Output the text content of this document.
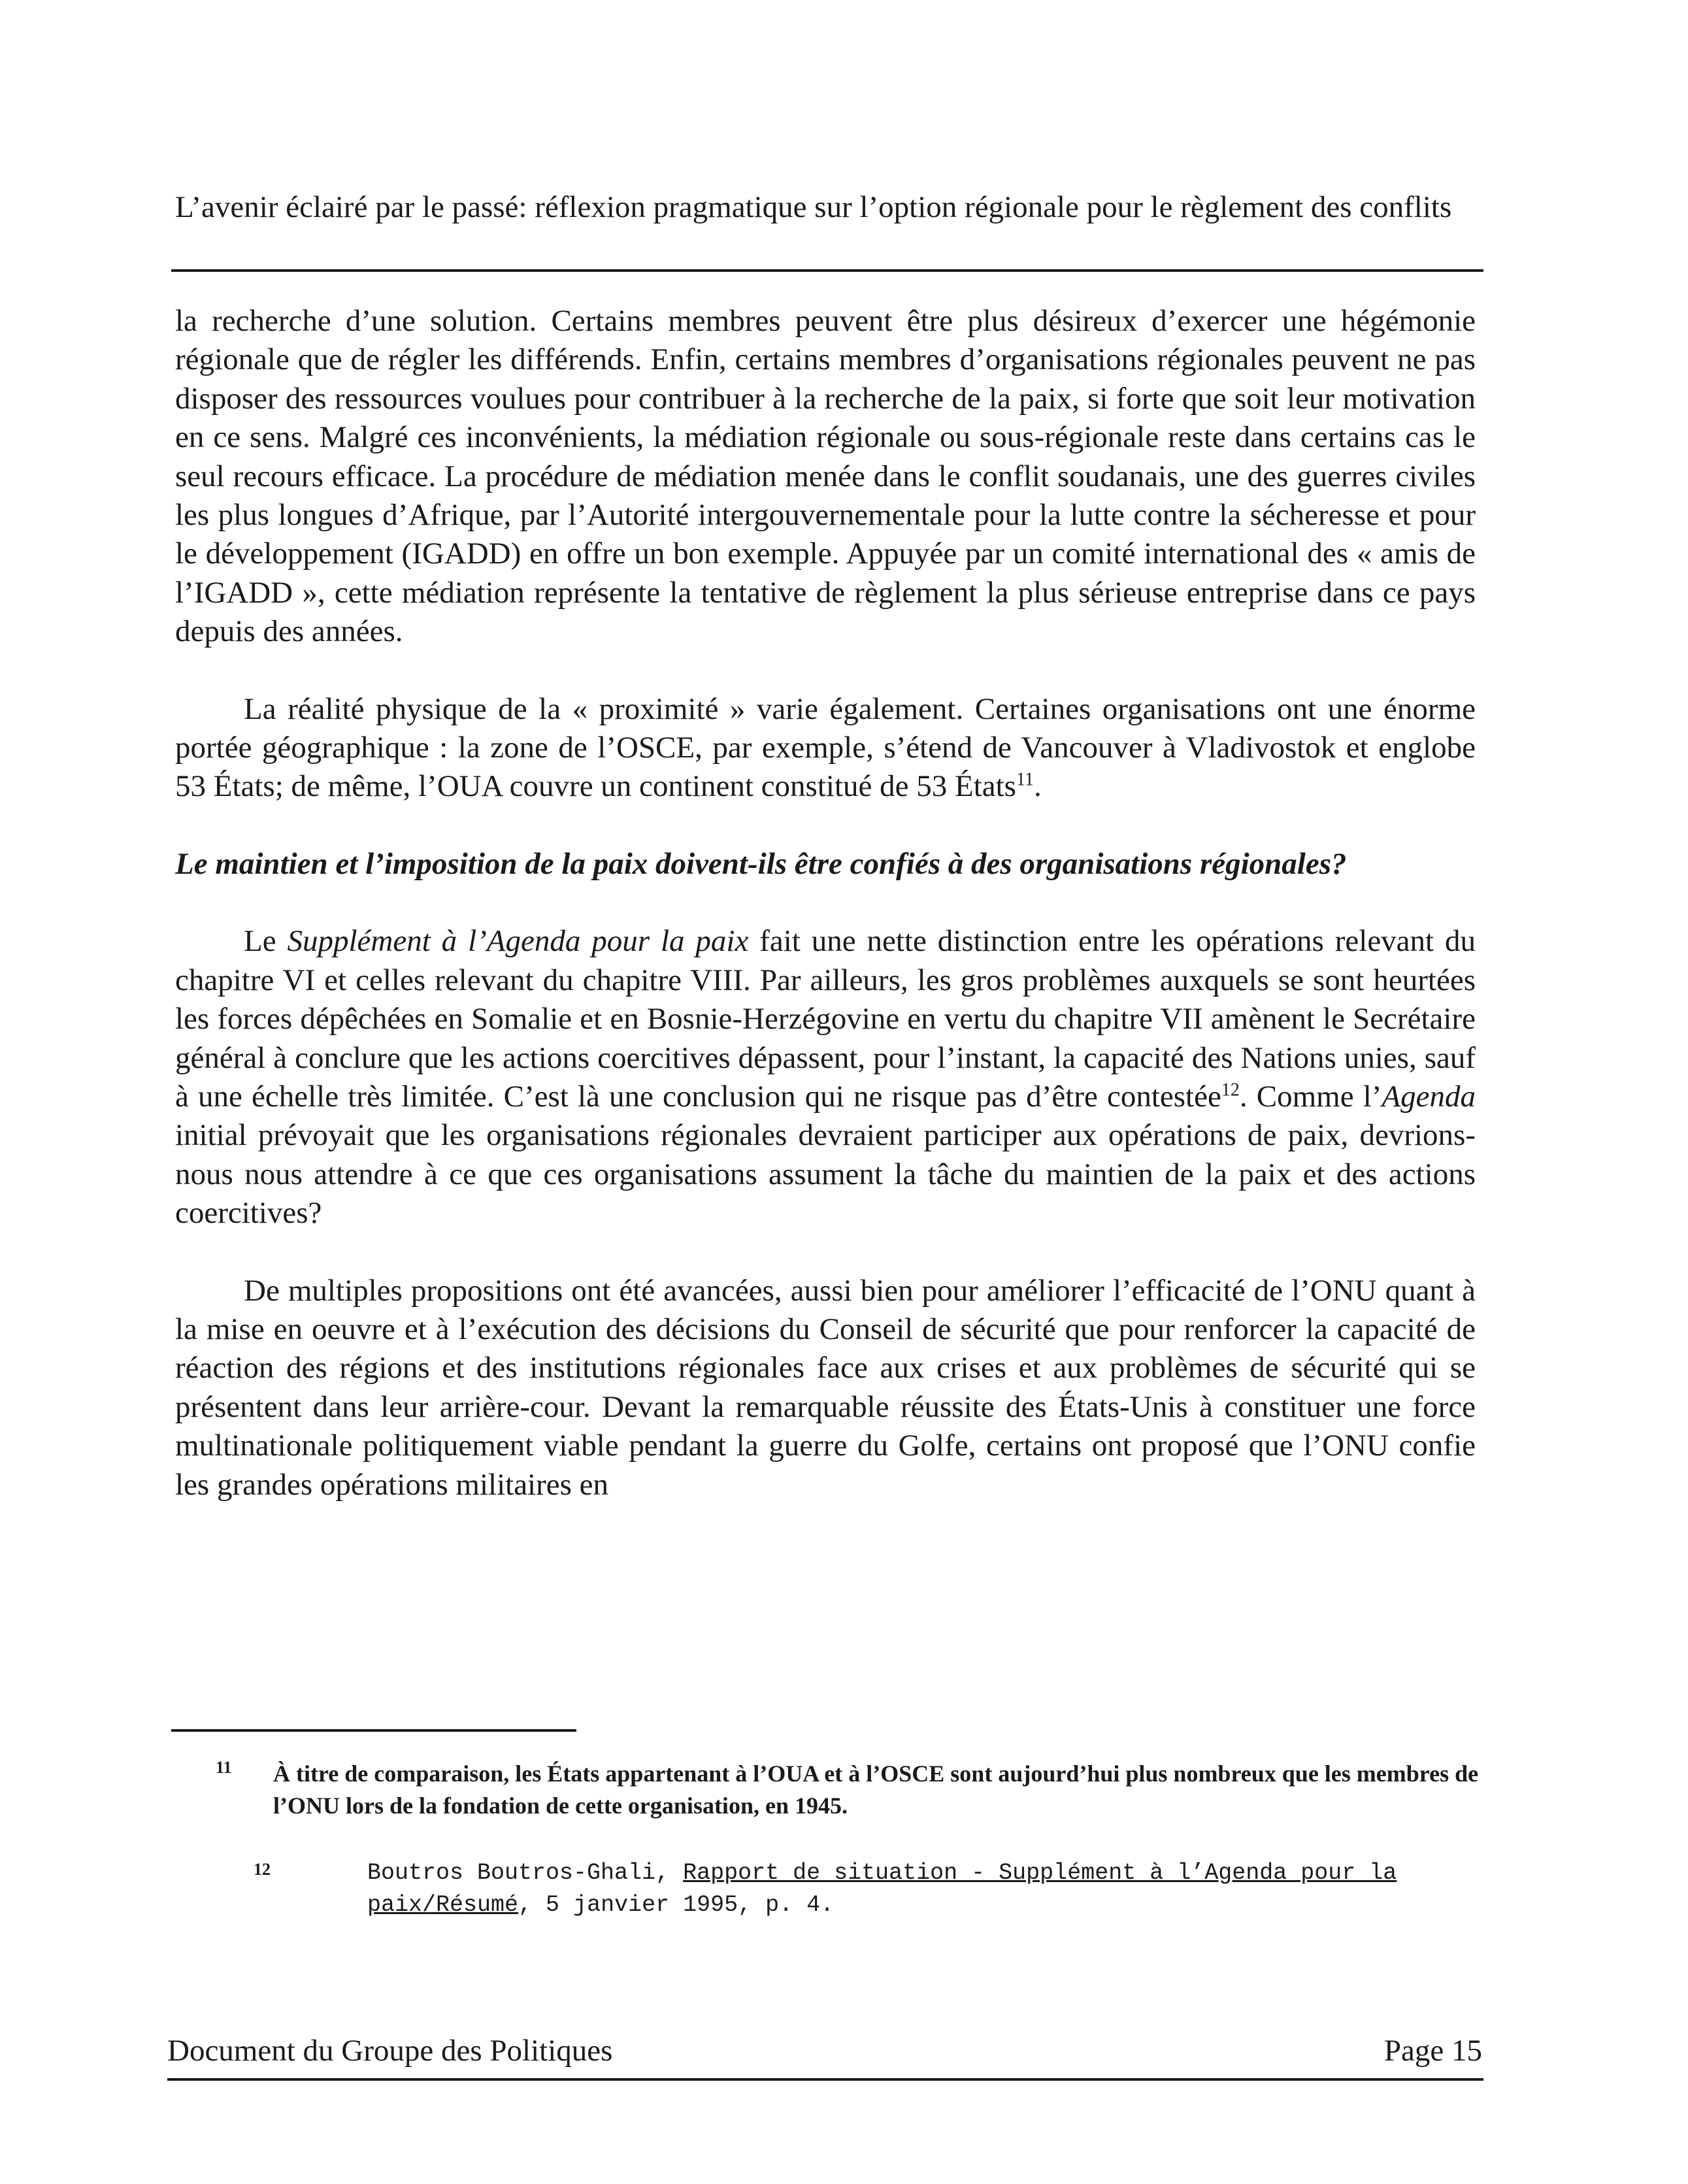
L’avenir éclairé par le passé: réflexion pragmatique sur l’option régionale pour le règlement des conflits

la recherche d’une solution. Certains membres peuvent être plus désireux d’exercer une hégémonie régionale que de régler les différends. Enfin, certains membres d’organisations régionales peuvent ne pas disposer des ressources voulues pour contribuer à la recherche de la paix, si forte que soit leur motivation en ce sens. Malgré ces inconvénients, la médiation régionale ou sous-régionale reste dans certains cas le seul recours efficace. La procédure de médiation menée dans le conflit soudanais, une des guerres civiles les plus longues d’Afrique, par l’Autorité intergouvernementale pour la lutte contre la sécheresse et pour le développement (IGADD) en offre un bon exemple. Appuyée par un comité international des « amis de l’IGADD », cette médiation représente la tentative de règlement la plus sérieuse entreprise dans ce pays depuis des années.

La réalité physique de la « proximité » varie également. Certaines organisations ont une énorme portée géographique : la zone de l’OSCE, par exemple, s’étend de Vancouver à Vladivostok et englobe 53 États; de même, l’OUA couvre un continent constitué de 53 États$^{11}$.

Le maintien et l’imposition de la paix doivent-ils être confiés à des organisations régionales?

Le Supplément à l’Agenda pour la paix fait une nette distinction entre les opérations relevant du chapitre VI et celles relevant du chapitre VIII. Par ailleurs, les gros problèmes auxquels se sont heurtées les forces dépêchées en Somalie et en Bosnie-Herzégovine en vertu du chapitre VII amènent le Secrétaire général à conclure que les actions coercitives dépassent, pour l’instant, la capacité des Nations unies, sauf à une échelle très limitée. C’est là une conclusion qui ne risque pas d’être contestée$^{12}$. Comme l’Agenda initial prévoyait que les organisations régionales devraient participer aux opérations de paix, devrions-nous nous attendre à ce que ces organisations assument la tâche du maintien de la paix et des actions coercitives?

De multiples propositions ont été avancées, aussi bien pour améliorer l’efficacité de l’ONU quant à la mise en oeuvre et à l’exécution des décisions du Conseil de sécurité que pour renforcer la capacité de réaction des régions et des institutions régionales face aux crises et aux problèmes de sécurité qui se présentent dans leur arrière-cour. Devant la remarquable réussite des États-Unis à constituer une force multinationale politiquement viable pendant la guerre du Golfe, certains ont proposé que l’ONU confie les grandes opérations militaires en

11 À titre de comparaison, les États appartenant à l’OUA et à l’OSCE sont aujourd’hui plus nombreux que les membres de l’ONU lors de la fondation de cette organisation, en 1945.
12	Boutros Boutros-Ghali, Rapport de situation - Supplément à l’Agenda pour la paix/Résumé, 5 janvier 1995, p. 4.
Document du Groupe des Politiques	Page 15
